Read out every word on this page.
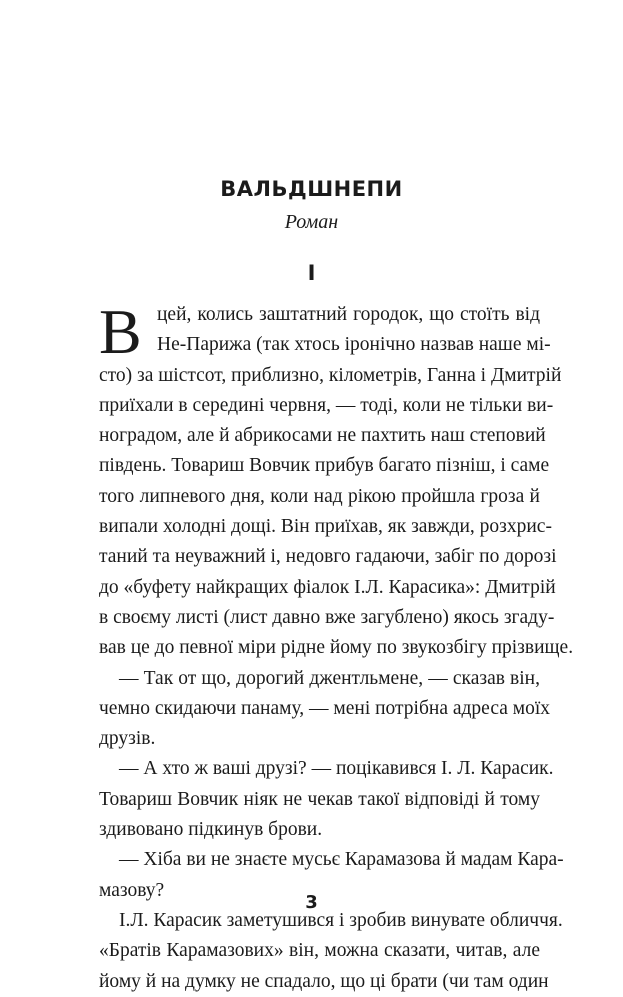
ВАЛЬДШНЕПИ
Роман
І
В цей, колись заштатний городок, що стоїть від
Не-Парижа (так хтось іронічно назвав наше мі-
сто) за шістсот, приблизно, кілометрів, Ганна і Дмитрій
приїхали в середині червня, — тоді, коли не тільки ви-
ноградом, але й абрикосами не пахтить наш степовий
південь. Товариш Вовчик прибув багато пізніш, і саме
того липневого дня, коли над рікою пройшла гроза й
випали холодні дощі. Він приїхав, як завжди, розхрис-
таний та неуважний і, недовго гадаючи, забіг по дорозі
до «буфету найкращих фіалок І.Л. Карасика»: Дмитрій
в своєму листі (лист давно вже загублено) якось згаду-
вав це до певної міри рідне йому по звукозбігу прізвище.
— Так от що, дорогий джентльмене, — сказав він,
чемно скидаючи панаму, — мені потрібна адреса моїх
друзів.
— А хто ж ваші друзі? — поцікавився І. Л. Карасик.
Товариш Вовчик ніяк не чекав такої відповіді й тому
здивовано підкинув брови.
— Хіба ви не знаєте мусьє Карамазова й мадам Кара-
мазову?
І.Л. Карасик заметушився і зробив винувате обличчя.
«Братів Карамазових» він, можна сказати, читав, але
йому й на думку не спадало, що ці брати (чи там один
3
